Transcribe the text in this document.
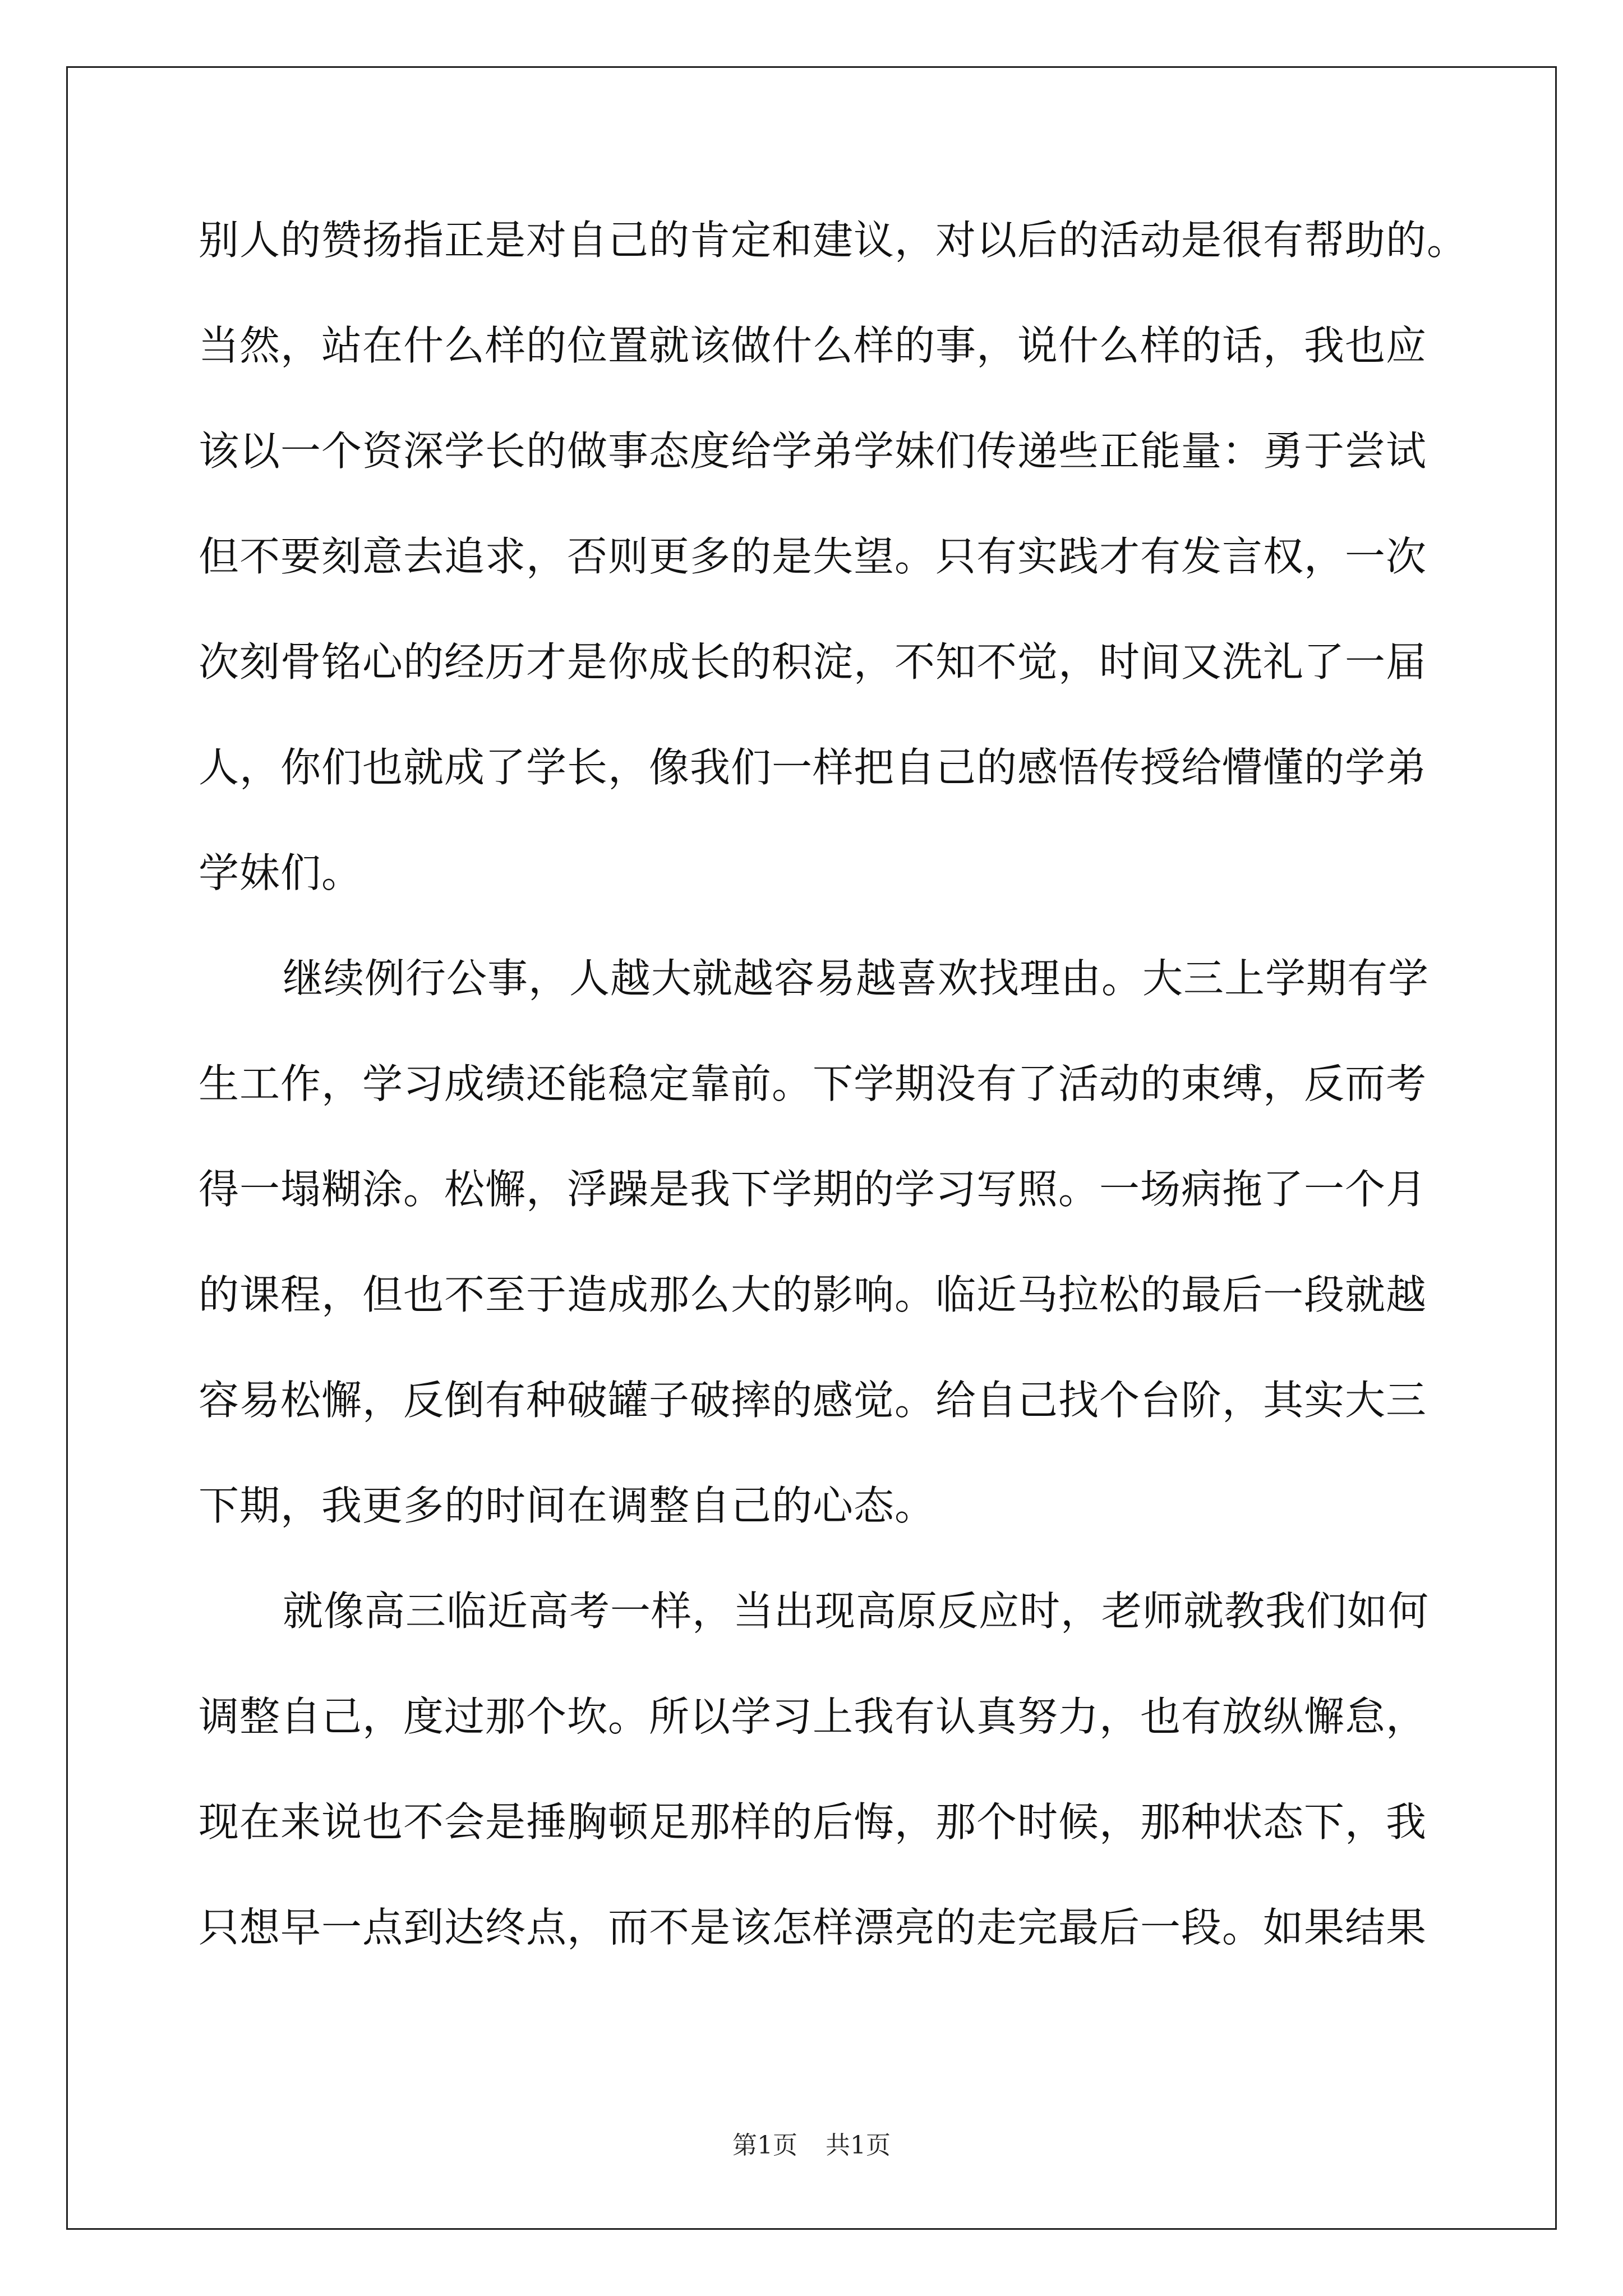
别人的赞扬指正是对自己的肯定和建议，对以后的活动是很有帮助的。
当然，站在什么样的位置就该做什么样的事，说什么样的话，我也应
该以一个资深学长的做事态度给学弟学妹们传递些正能量：勇于尝试
但不要刻意去追求，否则更多的是失望。只有实践才有发言权，一次
次刻骨铭心的经历才是你成长的积淀，不知不觉，时间又洗礼了一届
人，你们也就成了学长，像我们一样把自己的感悟传授给懵懂的学弟
学妹们。
继续例行公事，人越大就越容易越喜欢找理由。大三上学期有学
生工作，学习成绩还能稳定靠前。下学期没有了活动的束缚，反而考
得一塌糊涂。松懈，浮躁是我下学期的学习写照。一场病拖了一个月
的课程，但也不至于造成那么大的影响。临近马拉松的最后一段就越
容易松懈，反倒有种破罐子破摔的感觉。给自己找个台阶，其实大三
下期，我更多的时间在调整自己的心态。
就像高三临近高考一样，当出现高原反应时，老师就教我们如何
调整自己，度过那个坎。所以学习上我有认真努力，也有放纵懈怠，
现在来说也不会是捶胸顿足那样的后悔，那个时候，那种状态下，我
只想早一点到达终点，而不是该怎样漂亮的走完最后一段。如果结果
第1页 共1页
